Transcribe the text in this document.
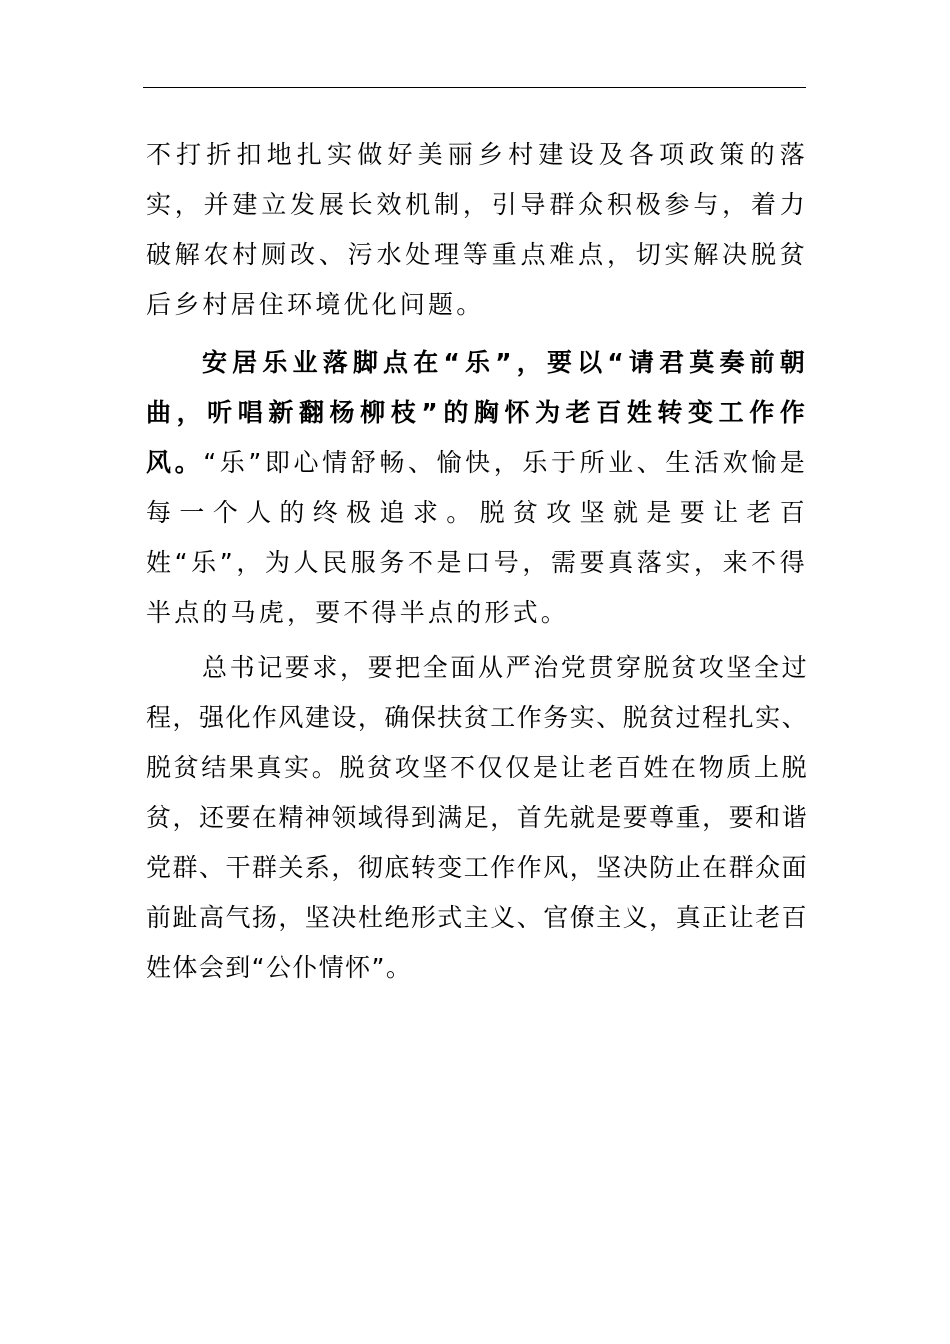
不打折扣地扎实做好美丽乡村建设及各项政策的落实，并建立发展长效机制，引导群众积极参与，着力破解农村厕改、污水处理等重点难点，切实解决脱贫后乡村居住环境优化问题。

安居乐业落脚点在“乐”，要以“请君莫奏前朝曲，听唱新翻杨柳枝”的胸怀为老百姓转变工作作风。“乐”即心情舒畅、愉快，乐于所业、生活欢愉是每一个人的终极追求。脱贫攻坚就是要让老百姓“乐”，为人民服务不是口号，需要真落实，来不得半点的马虎，要不得半点的形式。

总书记要求，要把全面从严治党贯穿脱贫攻坚全过程，强化作风建设，确保扶贫工作务实、脱贫过程扎实、脱贫结果真实。脱贫攻坚不仅仅是让老百姓在物质上脱贫，还要在精神领域得到满足，首先就是要尊重，要和谐党群、干群关系，彻底转变工作作风，坚决防止在群众面前趾高气扬，坚决杜绝形式主义、官僚主义，真正让老百姓体会到“公仆情怀”。
